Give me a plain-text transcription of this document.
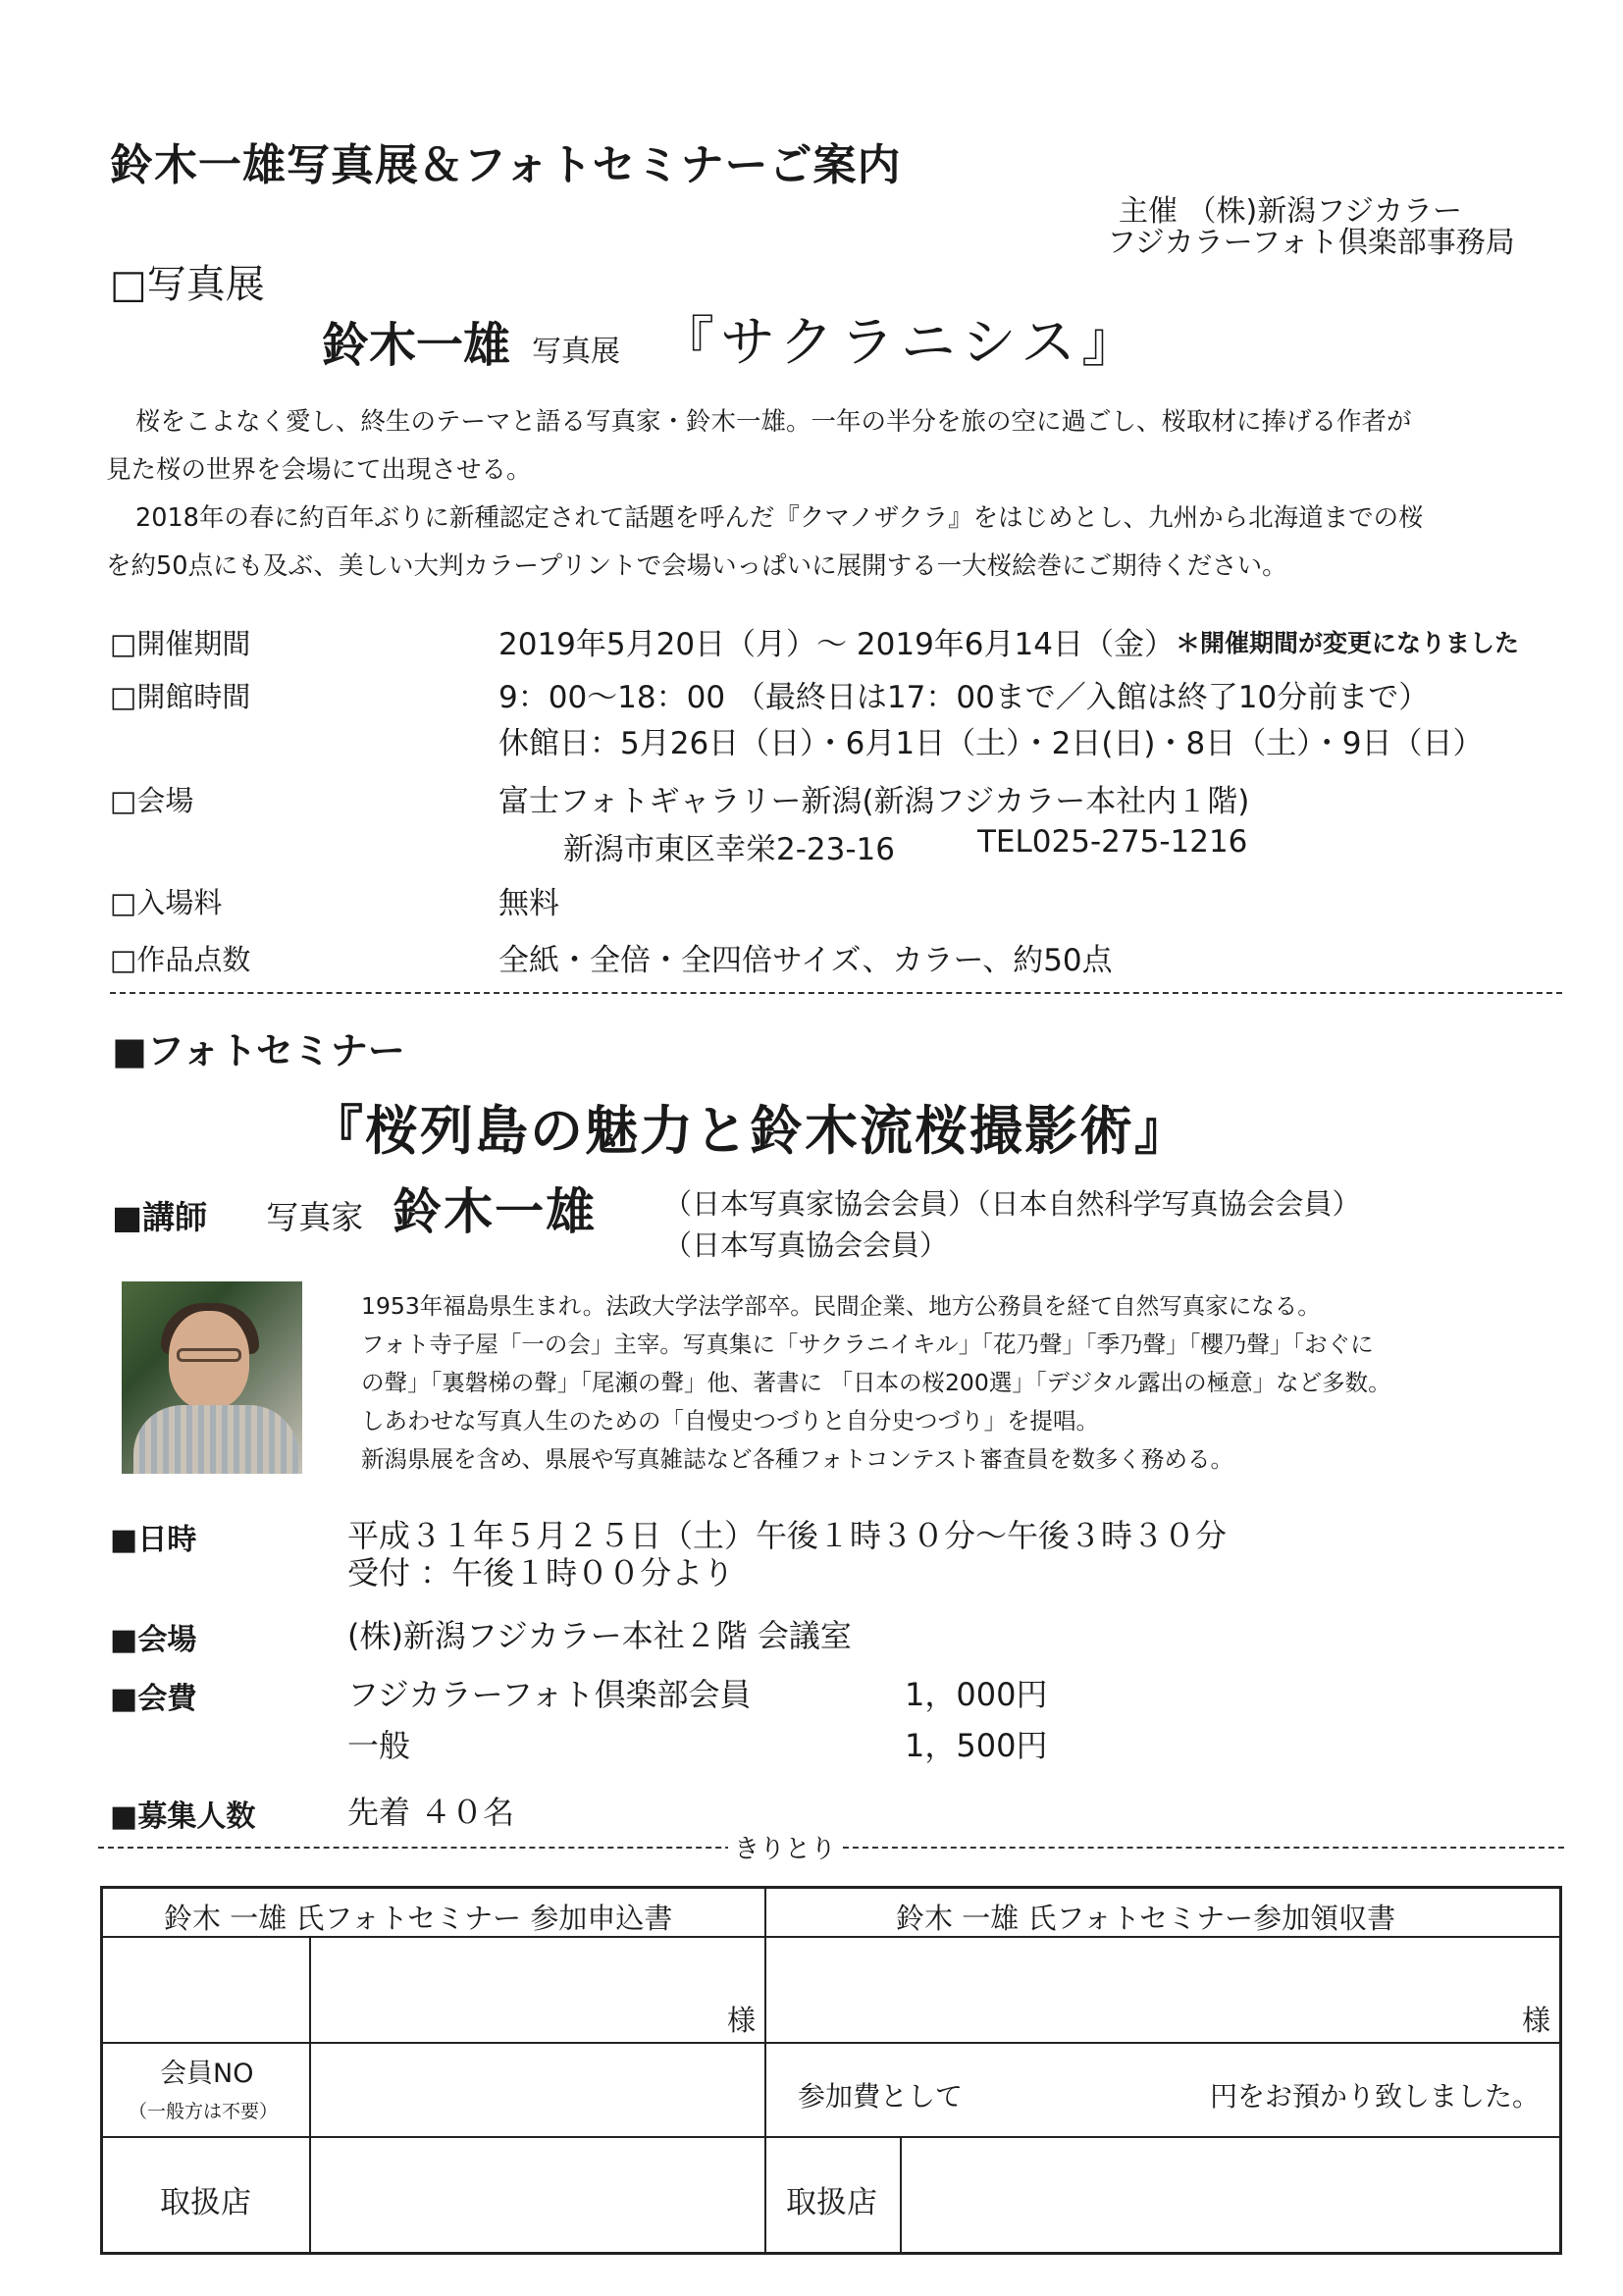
鈴木一雄写真展＆フォトセミナーご案内
主催 （株)新潟フジカラー
フジカラーフォト倶楽部事務局
□写真展
鈴木一雄 写真展 『サクラニシス』

桜をこよなく愛し、終生のテーマと語る写真家・鈴木一雄。一年の半分を旅の空に過ごし、桜取材に捧げる作者が

見た桜の世界を会場にて出現させる。

2018年の春に約百年ぶりに新種認定されて話題を呼んだ『クマノザクラ』をはじめとし、九州から北海道までの桜

を約50点にも及ぶ、美しい大判カラープリントで会場いっぱいに展開する一大桜絵巻にご期待ください。

□開催期間	2019年5月20日（月）～ 2019年6月14日（金） ＊開催期間が変更になりました
□開館時間	9：00～18：00 （最終日は17：00まで／入館は終了10分前まで）
休館日：5月26日（日）・6月1日（土）・2日(日)・8日（土）・9日（日）
□会場	富士フォトギャラリー新潟(新潟フジカラー本社内１階)
新潟市東区幸栄2-23-16	TEL025-275-1216
□入場料	無料
□作品点数	全紙・全倍・全四倍サイズ、カラー、約50点
■フォトセミナー
『桜列島の魅力と鈴木流桜撮影術』
■講師 写真家 鈴木一雄 （日本写真家協会会員）（日本自然科学写真協会会員）
（日本写真協会会員）

1953年福島県生まれ。法政大学法学部卒。民間企業、地方公務員を経て自然写真家になる。

フォト寺子屋「一の会」主宰。写真集に「サクラニイキル」「花乃聲」「季乃聲」「櫻乃聲」「おぐに

の聲」「裏磐梯の聲」「尾瀬の聲」他、著書に 「日本の桜200選」「デジタル露出の極意」など多数。

しあわせな写真人生のための「自慢史つづりと自分史つづり」を提唱。

新潟県展を含め、県展や写真雑誌など各種フォトコンテスト審査員を数多く務める。

■日時	平成３１年５月２５日（土）午後１時３０分～午後３時３０分
受付 ：午後１時００分より
■会場	(株)新潟フジカラー本社２階 会議室
■会費	フジカラーフォト倶楽部会員	1，000円
一般	1，500円
■募集人数	先着 ４０名
きりとり
鈴木 一雄 氏フォトセミナー 参加申込書	鈴木 一雄 氏フォトセミナー参加領収書
様	様
会員NO
（一般方は不要）	参加費として	円をお預かり致しました。
取扱店	取扱店
